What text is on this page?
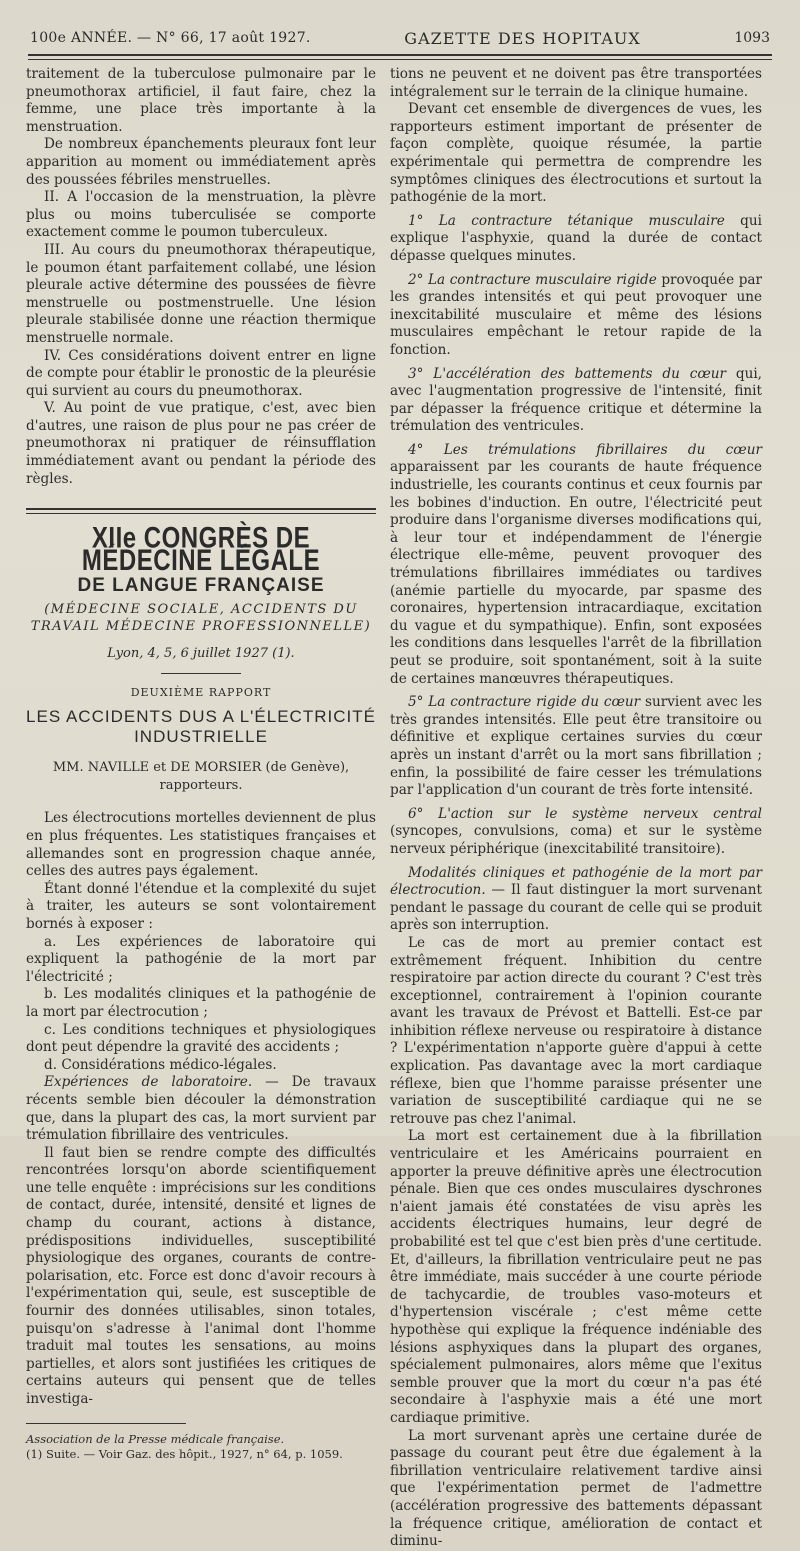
100e ANNÉE. — N° 66, 17 août 1927.	GAZETTE DES HOPITAUX	1093

traitement de la tuberculose pulmonaire par le pneumothorax artificiel, il faut faire, chez la femme, une place très importante à la menstruation.

De nombreux épanchements pleuraux font leur apparition au moment ou immédiatement après des poussées fébriles menstruelles.

II. A l'occasion de la menstruation, la plèvre plus ou moins tuberculisée se comporte exactement comme le poumon tuberculeux.

III. Au cours du pneumothorax thérapeutique, le poumon étant parfaitement collabé, une lésion pleurale active détermine des poussées de fièvre menstruelle ou postmenstruelle. Une lésion pleurale stabilisée donne une réaction thermique menstruelle normale.

IV. Ces considérations doivent entrer en ligne de compte pour établir le pronostic de la pleurésie qui survient au cours du pneumothorax.

V. Au point de vue pratique, c'est, avec bien d'autres, une raison de plus pour ne pas créer de pneumothorax ni pratiquer de réinsufflation immédiatement avant ou pendant la période des règles.

XIIe CONGRÈS DE MÉDECINE LÉGALE
DE LANGUE FRANÇAISE
(MÉDECINE SOCIALE, ACCIDENTS DU TRAVAIL MÉDECINE PROFESSIONNELLE)
Lyon, 4, 5, 6 juillet 1927 (1).
DEUXIÈME RAPPORT
LES ACCIDENTS DUS A L'ÉLECTRICITÉ INDUSTRIELLE
MM. NAVILLE et DE MORSIER (de Genève), rapporteurs.

Les électrocutions mortelles deviennent de plus en plus fréquentes. Les statistiques françaises et allemandes sont en progression chaque année, celles des autres pays également.

Étant donné l'étendue et la complexité du sujet à traiter, les auteurs se sont volontairement bornés à exposer :

a. Les expériences de laboratoire qui expliquent la pathogénie de la mort par l'électricité ;

b. Les modalités cliniques et la pathogénie de la mort par électrocution ;

c. Les conditions techniques et physiologiques dont peut dépendre la gravité des accidents ;

d. Considérations médico-légales.

Expériences de laboratoire. — De travaux récents semble bien découler la démonstration que, dans la plupart des cas, la mort survient par trémulation fibrillaire des ventricules.

Il faut bien se rendre compte des difficultés rencontrées lorsqu'on aborde scientifiquement une telle enquête : imprécisions sur les conditions de contact, durée, intensité, densité et lignes de champ du courant, actions à distance, prédispositions individuelles, susceptibilité physiologique des organes, courants de contre-polarisation, etc. Force est donc d'avoir recours à l'expérimentation qui, seule, est susceptible de fournir des données utilisables, sinon totales, puisqu'on s'adresse à l'animal dont l'homme traduit mal toutes les sensations, au moins partielles, et alors sont justifiées les critiques de certains auteurs qui pensent que de telles investiga-

Association de la Presse médicale française.

(1) Suite. — Voir Gaz. des hôpit., 1927, n° 64, p. 1059.

tions ne peuvent et ne doivent pas être transportées intégralement sur le terrain de la clinique humaine.

Devant cet ensemble de divergences de vues, les rapporteurs estiment important de présenter de façon complète, quoique résumée, la partie expérimentale qui permettra de comprendre les symptômes cliniques des électrocutions et surtout la pathogénie de la mort.

1° La contracture tétanique musculaire qui explique l'asphyxie, quand la durée de contact dépasse quelques minutes.

2° La contracture musculaire rigide provoquée par les grandes intensités et qui peut provoquer une inexcitabilité musculaire et même des lésions musculaires empêchant le retour rapide de la fonction.

3° L'accélération des battements du cœur qui, avec l'augmentation progressive de l'intensité, finit par dépasser la fréquence critique et détermine la trémulation des ventricules.

4° Les trémulations fibrillaires du cœur apparaissent par les courants de haute fréquence industrielle, les courants continus et ceux fournis par les bobines d'induction. En outre, l'électricité peut produire dans l'organisme diverses modifications qui, à leur tour et indépendamment de l'énergie électrique elle-même, peuvent provoquer des trémulations fibrillaires immédiates ou tardives (anémie partielle du myocarde, par spasme des coronaires, hypertension intracardiaque, excitation du vague et du sympathique). Enfin, sont exposées les conditions dans lesquelles l'arrêt de la fibrillation peut se produire, soit spontanément, soit à la suite de certaines manœuvres thérapeutiques.

5° La contracture rigide du cœur survient avec les très grandes intensités. Elle peut être transitoire ou définitive et explique certaines survies du cœur après un instant d'arrêt ou la mort sans fibrillation ; enfin, la possibilité de faire cesser les trémulations par l'application d'un courant de très forte intensité.

6° L'action sur le système nerveux central (syncopes, convulsions, coma) et sur le système nerveux périphérique (inexcitabilité transitoire).

Modalités cliniques et pathogénie de la mort par électrocution. — Il faut distinguer la mort survenant pendant le passage du courant de celle qui se produit après son interruption.

Le cas de mort au premier contact est extrêmement fréquent. Inhibition du centre respiratoire par action directe du courant ? C'est très exceptionnel, contrairement à l'opinion courante avant les travaux de Prévost et Battelli. Est-ce par inhibition réflexe nerveuse ou respiratoire à distance ? L'expérimentation n'apporte guère d'appui à cette explication. Pas davantage avec la mort cardiaque réflexe, bien que l'homme paraisse présenter une variation de susceptibilité cardiaque qui ne se retrouve pas chez l'animal.

La mort est certainement due à la fibrillation ventriculaire et les Américains pourraient en apporter la preuve définitive après une électrocution pénale. Bien que ces ondes musculaires dyschrones n'aient jamais été constatées de visu après les accidents électriques humains, leur degré de probabilité est tel que c'est bien près d'une certitude. Et, d'ailleurs, la fibrillation ventriculaire peut ne pas être immédiate, mais succéder à une courte période de tachycardie, de troubles vaso-moteurs et d'hypertension viscérale ; c'est même cette hypothèse qui explique la fréquence indéniable des lésions asphyxiques dans la plupart des organes, spécialement pulmonaires, alors même que l'exitus semble prouver que la mort du cœur n'a pas été secondaire à l'asphyxie mais a été une mort cardiaque primitive.

La mort survenant après une certaine durée de passage du courant peut être due également à la fibrillation ventriculaire relativement tardive ainsi que l'expérimentation permet de l'admettre (accélération progressive des battements dépassant la fréquence critique, amélioration de contact et diminu-
